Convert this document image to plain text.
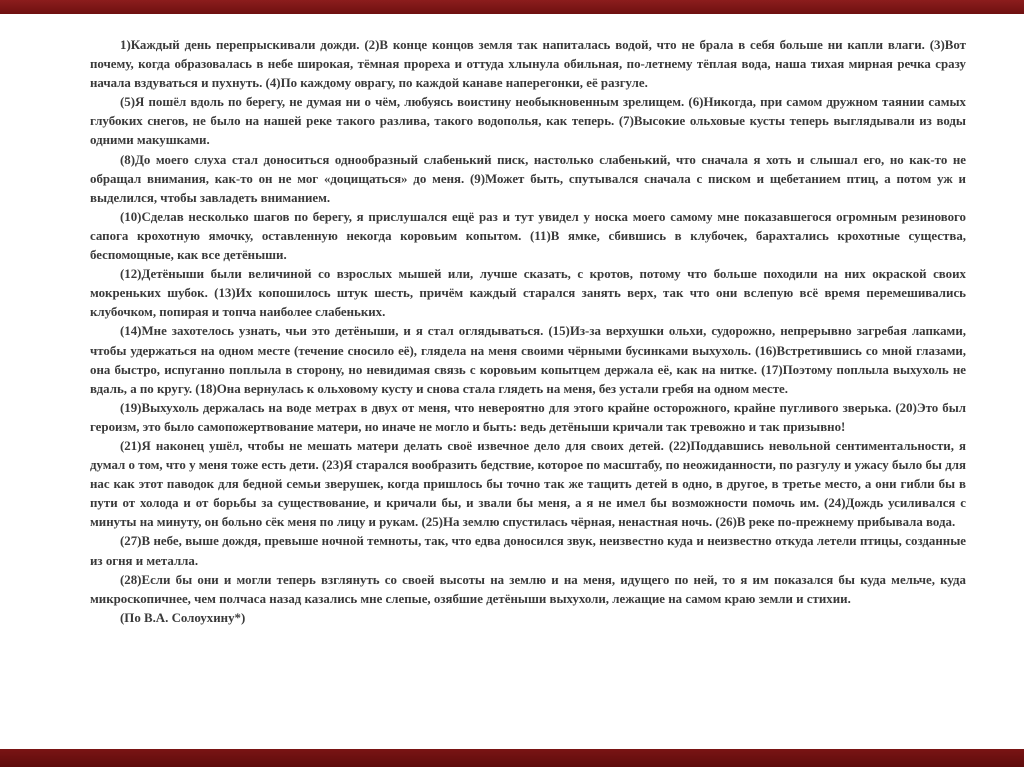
1)Каждый день перепрыскивали дожди. (2)В конце концов земля так напиталась водой, что не брала в себя больше ни капли влаги. (3)Вот почему, когда образовалась в небе широкая, тёмная прореха и оттуда хлынула обильная, по-летнему тёплая вода, наша тихая мирная речка сразу начала вздуваться и пухнуть. (4)По каждому оврагу, по каждой канаве наперегонки, её разгуле.

(5)Я пошёл вдоль по берегу, не думая ни о чём, любуясь воистину необыкновенным зрелищем. (6)Никогда, при самом дружном таянии самых глубоких снегов, не было на нашей реке такого разлива, такого водополья, как теперь. (7)Высокие ольховые кусты теперь выглядывали из воды одними макушками.

(8)До моего слуха стал доноситься однообразный слабенький писк, настолько слабенький, что сначала я хоть и слышал его, но как-то не обращал внимания, как-то он не мог «доцищаться» до меня. (9)Может быть, спутывался сначала с писком и щебетанием птиц, а потом уж и выделился, чтобы завладеть вниманием.

(10)Сделав несколько шагов по берегу, я прислушался ещё раз и тут увидел у носка моего самому мне показавшегося огромным резинового сапога крохотную ямочку, оставленную некогда коровьим копытом. (11)В ямке, сбившись в клубочек, барахтались крохотные существа, беспомощные, как все детёныши.

(12)Детёныши были величиной со взрослых мышей или, лучше сказать, с кротов, потому что больше походили на них окраской своих мокреньких шубок. (13)Их копошилось штук шесть, причём каждый старался занять верх, так что они вслепую всё время перемешивались клубочком, попирая и топча наиболее слабеньких.

(14)Мне захотелось узнать, чьи это детёныши, и я стал оглядываться. (15)Из-за верхушки ольхи, судорожно, непрерывно загребая лапками, чтобы удержаться на одном месте (течение сносило её), глядела на меня своими чёрными бусинками выхухоль. (16)Встретившись со мной глазами, она быстро, испуганно поплыла в сторону, но невидимая связь с коровьим копытцем держала её, как на нитке. (17)Поэтому поплыла выхухоль не вдаль, а по кругу. (18)Она вернулась к ольховому кусту и снова стала глядеть на меня, без устали гребя на одном месте.

(19)Выхухоль держалась на воде метрах в двух от меня, что невероятно для этого крайне осторожного, крайне пугливого зверька. (20)Это был героизм, это было самопожертвование матери, но иначе не могло и быть: ведь детёныши кричали так тревожно и так призывно!

(21)Я наконец ушёл, чтобы не мешать матери делать своё извечное дело для своих детей. (22)Поддавшись невольной сентиментальности, я думал о том, что у меня тоже есть дети. (23)Я старался вообразить бедствие, которое по масштабу, по неожиданности, по разгулу и ужасу было бы для нас как этот паводок для бедной семьи зверушек, когда пришлось бы точно так же тащить детей в одно, в другое, в третье место, а они гибли бы в пути от холода и от борьбы за существование, и кричали бы, и звали бы меня, а я не имел бы возможности помочь им. (24)Дождь усиливался с минуты на минуту, он больно сёк меня по лицу и рукам. (25)На землю спустилась чёрная, ненастная ночь. (26)В реке по-прежнему прибывала вода.

(27)В небе, выше дождя, превыше ночной темноты, так, что едва доносился звук, неизвестно куда и неизвестно откуда летели птицы, созданные из огня и металла.

(28)Если бы они и могли теперь взглянуть со своей высоты на землю и на меня, идущего по ней, то я им показался бы куда мельче, куда микроскопичнее, чем полчаса назад казались мне слепые, озябшие детёныши выхухоли, лежащие на самом краю земли и стихии.

(По В.А. Солоухину*)
